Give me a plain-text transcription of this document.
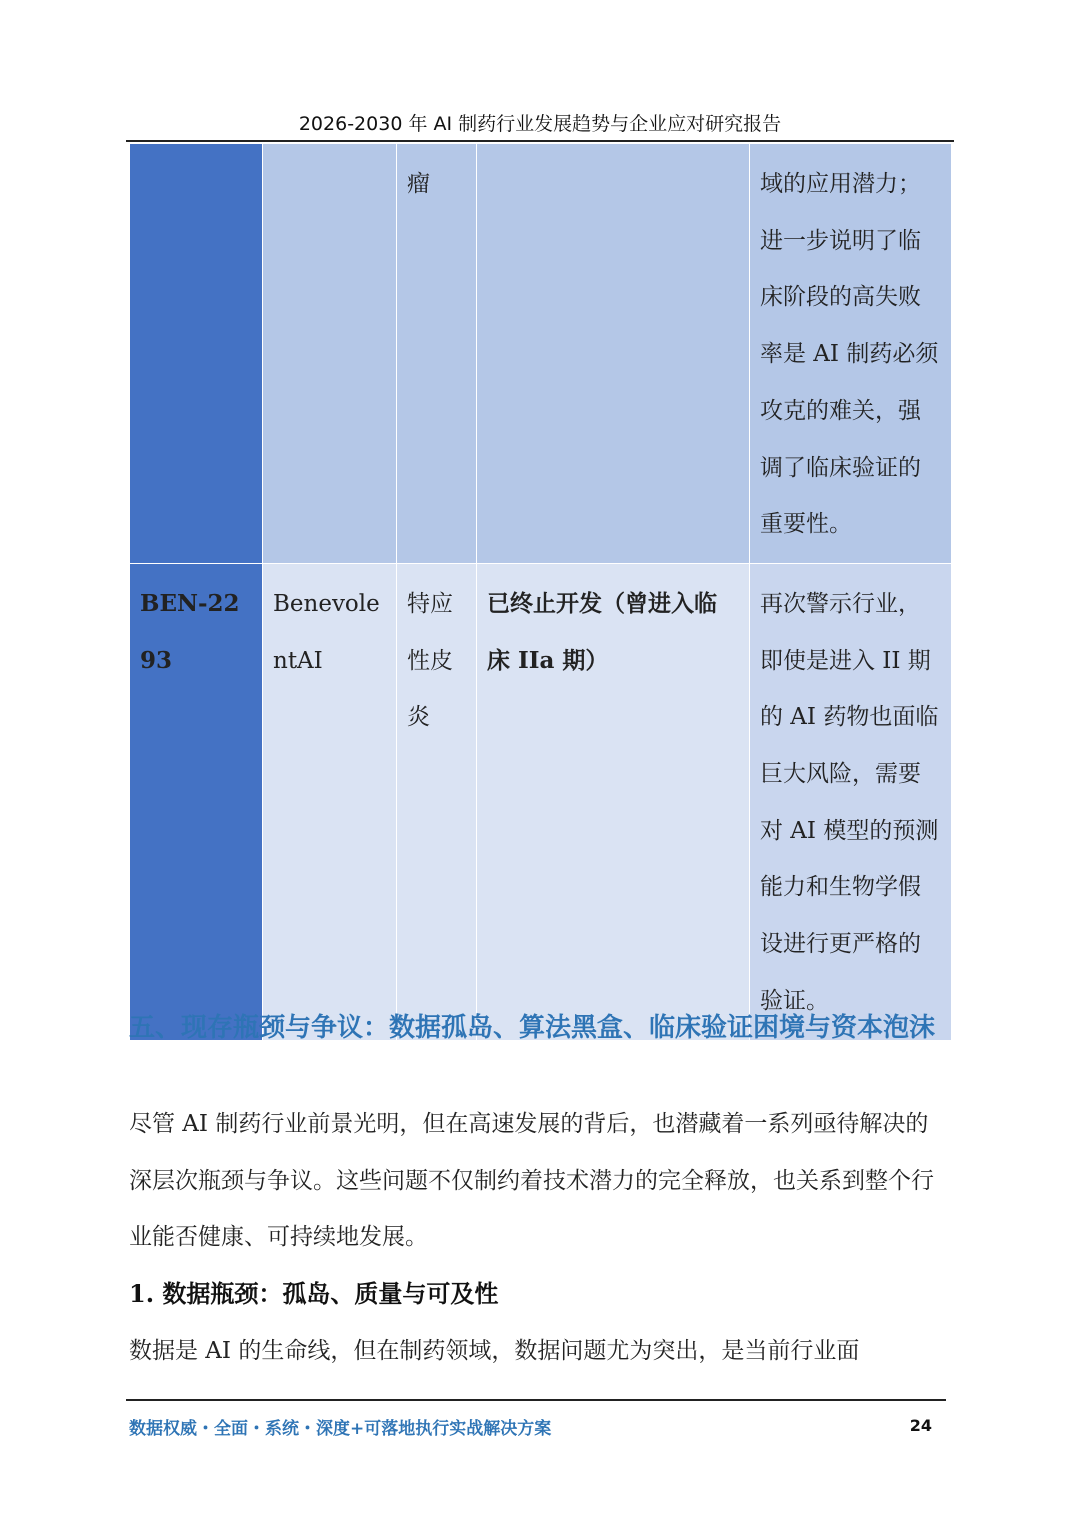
2026-2030 年 AI 制药行业发展趋势与企业应对研究报告
		瘤		域的应用潜力；进一步说明了临床阶段的高失败率是 AI 制药必须攻克的难关，强调了临床验证的重要性。
BEN-2293	BenevolentAI	特应性皮炎	已终止开发（曾进入临床 IIa 期）	再次警示行业，即使是进入 II 期的 AI 药物也面临巨大风险，需要对 AI 模型的预测能力和生物学假设进行更严格的验证。
五、现存瓶颈与争议：数据孤岛、算法黑盒、临床验证困境与资本泡沫
尽管 AI 制药行业前景光明，但在高速发展的背后，也潜藏着一系列亟待解决的深层次瓶颈与争议。这些问题不仅制约着技术潜力的完全释放，也关系到整个行业能否健康、可持续地发展。
1. 数据瓶颈：孤岛、质量与可及性
数据是 AI 的生命线，但在制药领域，数据问题尤为突出，是当前行业面
数据权威・全面・系统・深度+可落地执行实战解决方案	24
